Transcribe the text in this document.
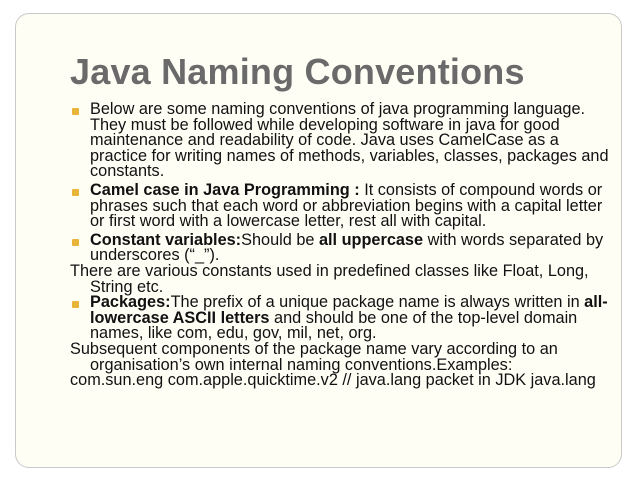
Java Naming Conventions

Below are some naming conventions of java programming language. They must be followed while developing software in java for good maintenance and readability of code. Java uses CamelCase as a practice for writing names of methods, variables, classes, packages and constants.

Camel case in Java Programming : It consists of compound words or phrases such that each word or abbreviation begins with a capital letter or first word with a lowercase letter, rest all with capital.

Constant variables:Should be all uppercase with words separated by underscores (“_”).

There are various constants used in predefined classes like Float, Long, String etc.

Packages:The prefix of a unique package name is always written in all-lowercase ASCII letters and should be one of the top-level domain names, like com, edu, gov, mil, net, org.

Subsequent components of the package name vary according to an organisation’s own internal naming conventions.Examples:

com.sun.eng com.apple.quicktime.v2 // java.lang packet in JDK java.lang
